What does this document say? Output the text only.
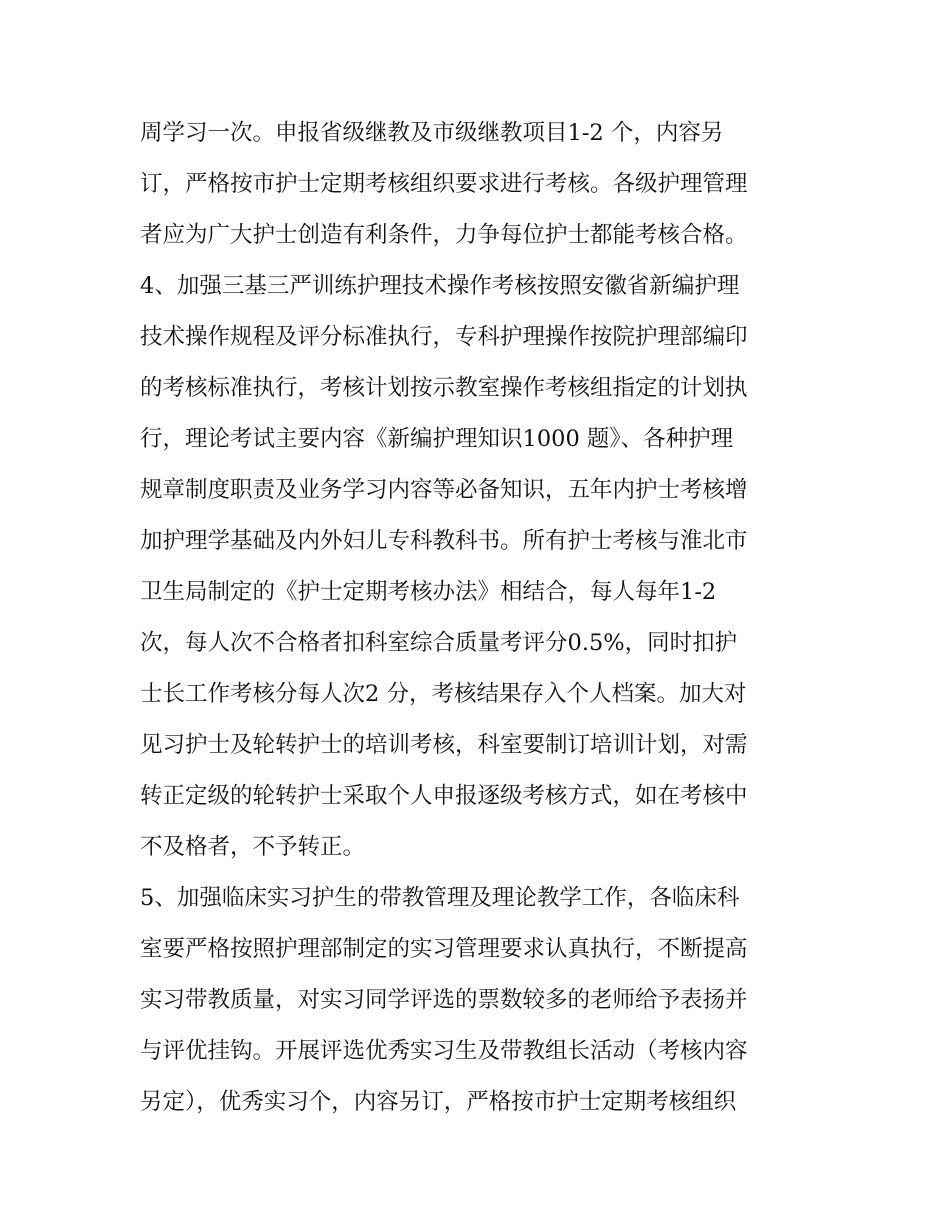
周学习一次。申报省级继教及市级继教项目1-2 个，内容另
订，严格按市护士定期考核组织要求进行考核。各级护理管理
者应为广大护士创造有利条件，力争每位护士都能考核合格。
4、加强三基三严训练护理技术操作考核按照安徽省新编护理
技术操作规程及评分标准执行，专科护理操作按院护理部编印
的考核标准执行，考核计划按示教室操作考核组指定的计划执
行，理论考试主要内容《新编护理知识1000 题》、各种护理
规章制度职责及业务学习内容等必备知识，五年内护士考核增
加护理学基础及内外妇儿专科教科书。所有护士考核与淮北市
卫生局制定的《护士定期考核办法》相结合，每人每年1-2
次，每人次不合格者扣科室综合质量考评分0.5%，同时扣护
士长工作考核分每人次2 分，考核结果存入个人档案。加大对
见习护士及轮转护士的培训考核，科室要制订培训计划，对需
转正定级的轮转护士采取个人申报逐级考核方式，如在考核中
不及格者，不予转正。
5、加强临床实习护生的带教管理及理论教学工作，各临床科
室要严格按照护理部制定的实习管理要求认真执行，不断提高
实习带教质量，对实习同学评选的票数较多的老师给予表扬并
与评优挂钩。开展评选优秀实习生及带教组长活动（考核内容
另定），优秀实习个，内容另订，严格按市护士定期考核组织
